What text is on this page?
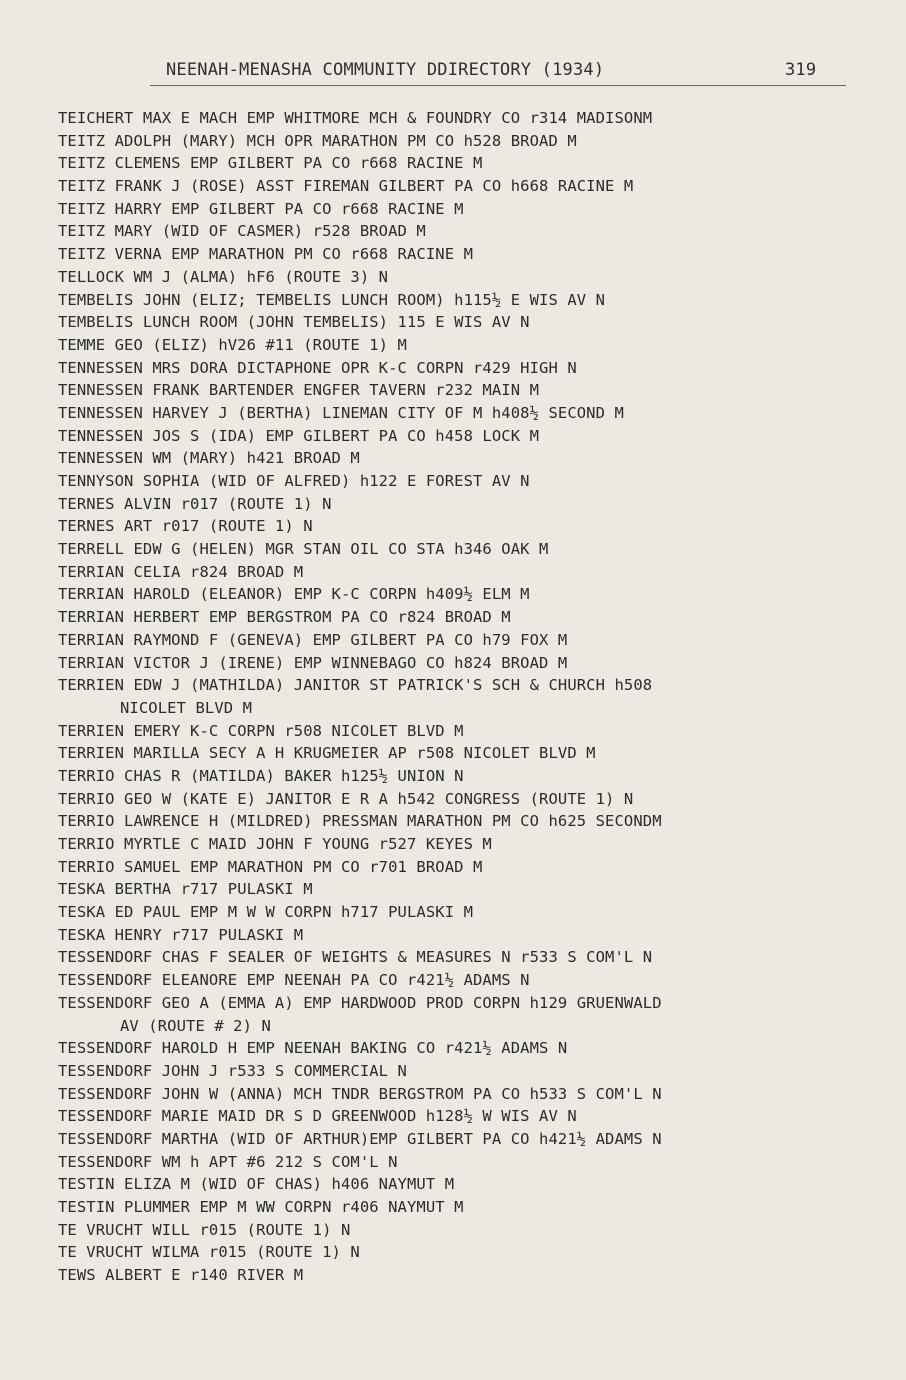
NEENAH-MENASHA COMMUNITY DDIRECTORY (1934)	319
TEICHERT MAX E MACH EMP WHITMORE MCH & FOUNDRY CO r314 MADISONM
TEITZ ADOLPH (MARY) MCH OPR MARATHON PM CO h528 BROAD M
TEITZ CLEMENS EMP GILBERT PA CO r668 RACINE M
TEITZ FRANK J (ROSE) ASST FIREMAN GILBERT PA CO h668 RACINE M
TEITZ HARRY EMP GILBERT PA CO r668 RACINE M
TEITZ MARY (WID OF CASMER) r528 BROAD M
TEITZ VERNA EMP MARATHON PM CO r668 RACINE M
TELLOCK WM J (ALMA) hF6 (ROUTE 3) N
TEMBELIS JOHN (ELIZ; TEMBELIS LUNCH ROOM) h115½ E WIS AV N
TEMBELIS LUNCH ROOM (JOHN TEMBELIS) 115 E WIS AV N
TEMME GEO (ELIZ) hV26 #11 (ROUTE 1) M
TENNESSEN MRS DORA DICTAPHONE OPR K-C CORPN r429 HIGH N
TENNESSEN FRANK BARTENDER ENGFER TAVERN r232 MAIN M
TENNESSEN HARVEY J (BERTHA) LINEMAN CITY OF M h408½ SECOND M
TENNESSEN JOS S (IDA) EMP GILBERT PA CO h458 LOCK M
TENNESSEN WM (MARY) h421 BROAD M
TENNYSON SOPHIA (WID OF ALFRED) h122 E FOREST AV N
TERNES ALVIN r017 (ROUTE 1) N
TERNES ART r017 (ROUTE 1) N
TERRELL EDW G (HELEN) MGR STAN OIL CO STA h346 OAK M
TERRIAN CELIA r824 BROAD M
TERRIAN HAROLD (ELEANOR) EMP K-C CORPN h409½ ELM M
TERRIAN HERBERT EMP BERGSTROM PA CO r824 BROAD M
TERRIAN RAYMOND F (GENEVA) EMP GILBERT PA CO h79 FOX M
TERRIAN VICTOR J (IRENE) EMP WINNEBAGO CO h824 BROAD M
TERRIEN EDW J (MATHILDA) JANITOR ST PATRICK'S SCH & CHURCH h508
NICOLET BLVD M
TERRIEN EMERY K-C CORPN r508 NICOLET BLVD M
TERRIEN MARILLA SECY A H KRUGMEIER AP r508 NICOLET BLVD M
TERRIO CHAS R (MATILDA) BAKER h125½ UNION N
TERRIO GEO W (KATE E) JANITOR E R A h542 CONGRESS (ROUTE 1) N
TERRIO LAWRENCE H (MILDRED) PRESSMAN MARATHON PM CO h625 SECONDM
TERRIO MYRTLE C MAID JOHN F YOUNG r527 KEYES M
TERRIO SAMUEL EMP MARATHON PM CO r701 BROAD M
TESKA BERTHA r717 PULASKI M
TESKA ED PAUL EMP M W W CORPN h717 PULASKI M
TESKA HENRY r717 PULASKI M
TESSENDORF CHAS F SEALER OF WEIGHTS & MEASURES N r533 S COM'L N
TESSENDORF ELEANORE EMP NEENAH PA CO r421½ ADAMS N
TESSENDORF GEO A (EMMA A) EMP HARDWOOD PROD CORPN h129 GRUENWALD
AV (ROUTE # 2) N
TESSENDORF HAROLD H EMP NEENAH BAKING CO r421½ ADAMS N
TESSENDORF JOHN J r533 S COMMERCIAL N
TESSENDORF JOHN W (ANNA) MCH TNDR BERGSTROM PA CO h533 S COM'L N
TESSENDORF MARIE MAID DR S D GREENWOOD h128½ W WIS AV N
TESSENDORF MARTHA (WID OF ARTHUR)EMP GILBERT PA CO h421½ ADAMS N
TESSENDORF WM h APT #6 212 S COM'L N
TESTIN ELIZA M (WID OF CHAS) h406 NAYMUT M
TESTIN PLUMMER EMP M WW CORPN r406 NAYMUT M
TE VRUCHT WILL r015 (ROUTE 1) N
TE VRUCHT WILMA r015 (ROUTE 1) N
TEWS ALBERT E r140 RIVER M
